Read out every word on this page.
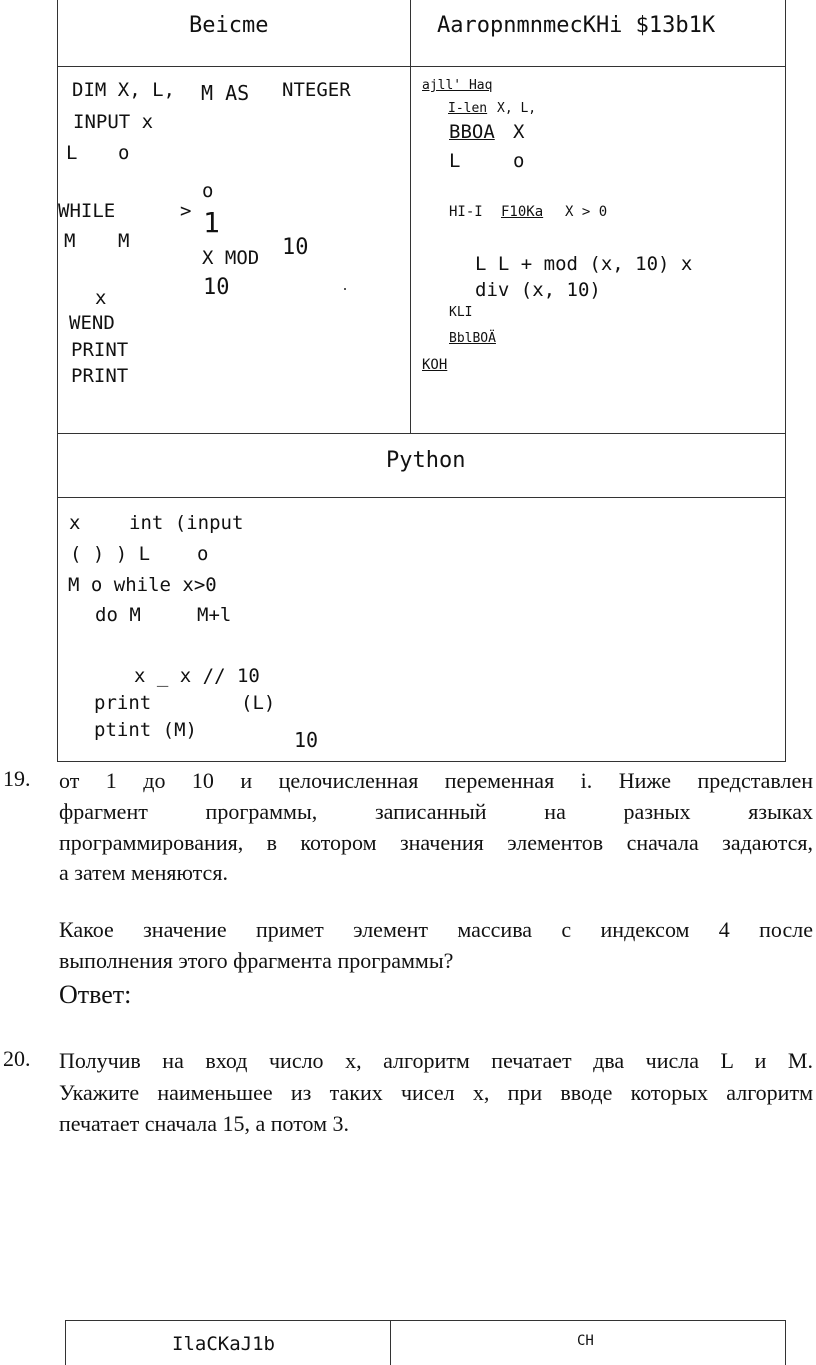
Beicme	AaropnmnmecKHi $13b1K
DIM X, L, M AS NTEGER
INPUT x
L o
o
WHILE	> 1
M M
X MOD 10
10
x
WEND
PRINT
PRINT
ajll' Haq
I-len X, L,
BBOA X
L	o
HI-I F10Ka X > 0
L L + mod (x, 10) x
div (x, 10)
KLI
BblBOÄ
KOH
Python
x	int (input
( ) ) L o
M o while x>0
do M	M+l
x _ x // 10
print	(L)
ptint (M)	10
19. от 1 до 10 и целочисленная переменная i. Ниже представлен
фрагмент программы, записанный на разных языках
программирования, в котором значения элементов сначала задаются,
а затем меняются.
Какое значение примет элемент массива с индексом 4 после
выполнения этого фрагмента программы?
Ответ:
20. Получив на вход число x, алгоритм печатает два числа L и M.
Укажите наименьшее из таких чисел x, при вводе которых алгоритм
печатает сначала 15, а потом 3.
IlaCKaJ1b	CH
